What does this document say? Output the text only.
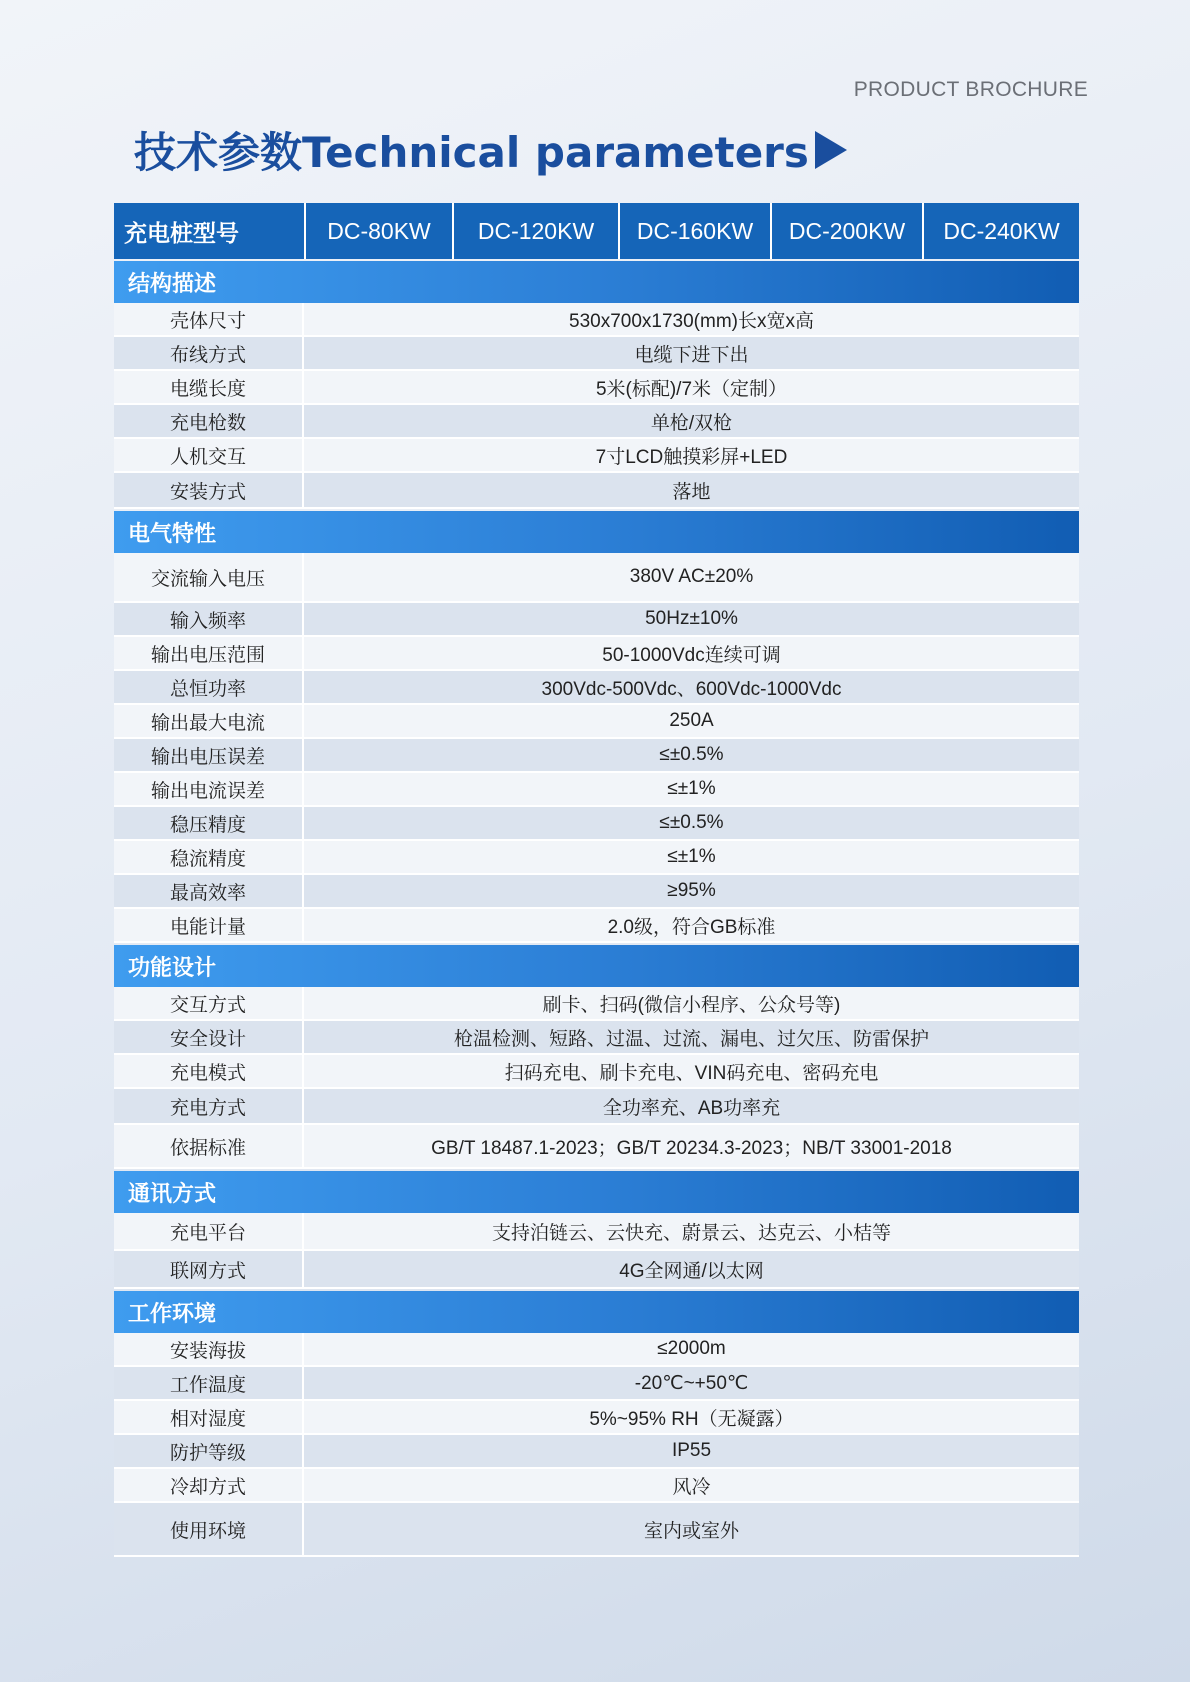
PRODUCT BROCHURE
技术参数Technical parameters
充电桩型号	DC-80KW	DC-120KW	DC-160KW	DC-200KW	DC-240KW
结构描述
壳体尺寸	530x700x1730(mm)长x宽x高
布线方式	电缆下进下出
电缆长度	5米(标配)/7米（定制）
充电枪数	单枪/双枪
人机交互	7寸LCD触摸彩屏+LED
安装方式	落地
电气特性
交流输入电压	380V AC±20%
输入频率	50Hz±10%
输出电压范围	50-1000Vdc连续可调
总恒功率	300Vdc-500Vdc、600Vdc-1000Vdc
输出最大电流	250A
输出电压误差	≤±0.5%
输出电流误差	≤±1%
稳压精度	≤±0.5%
稳流精度	≤±1%
最高效率	≥95%
电能计量	2.0级，符合GB标准
功能设计
交互方式	刷卡、扫码(微信小程序、公众号等)
安全设计	枪温检测、短路、过温、过流、漏电、过欠压、防雷保护
充电模式	扫码充电、刷卡充电、VIN码充电、密码充电
充电方式	全功率充、AB功率充
依据标准	GB/T 18487.1-2023；GB/T 20234.3-2023；NB/T 33001-2018
通讯方式
充电平台	支持泊链云、云快充、蔚景云、达克云、小桔等
联网方式	4G全网通/以太网
工作环境
安装海拔	≤2000m
工作温度	-20℃~+50℃
相对湿度	5%~95% RH（无凝露）
防护等级	IP55
冷却方式	风冷
使用环境	室内或室外
